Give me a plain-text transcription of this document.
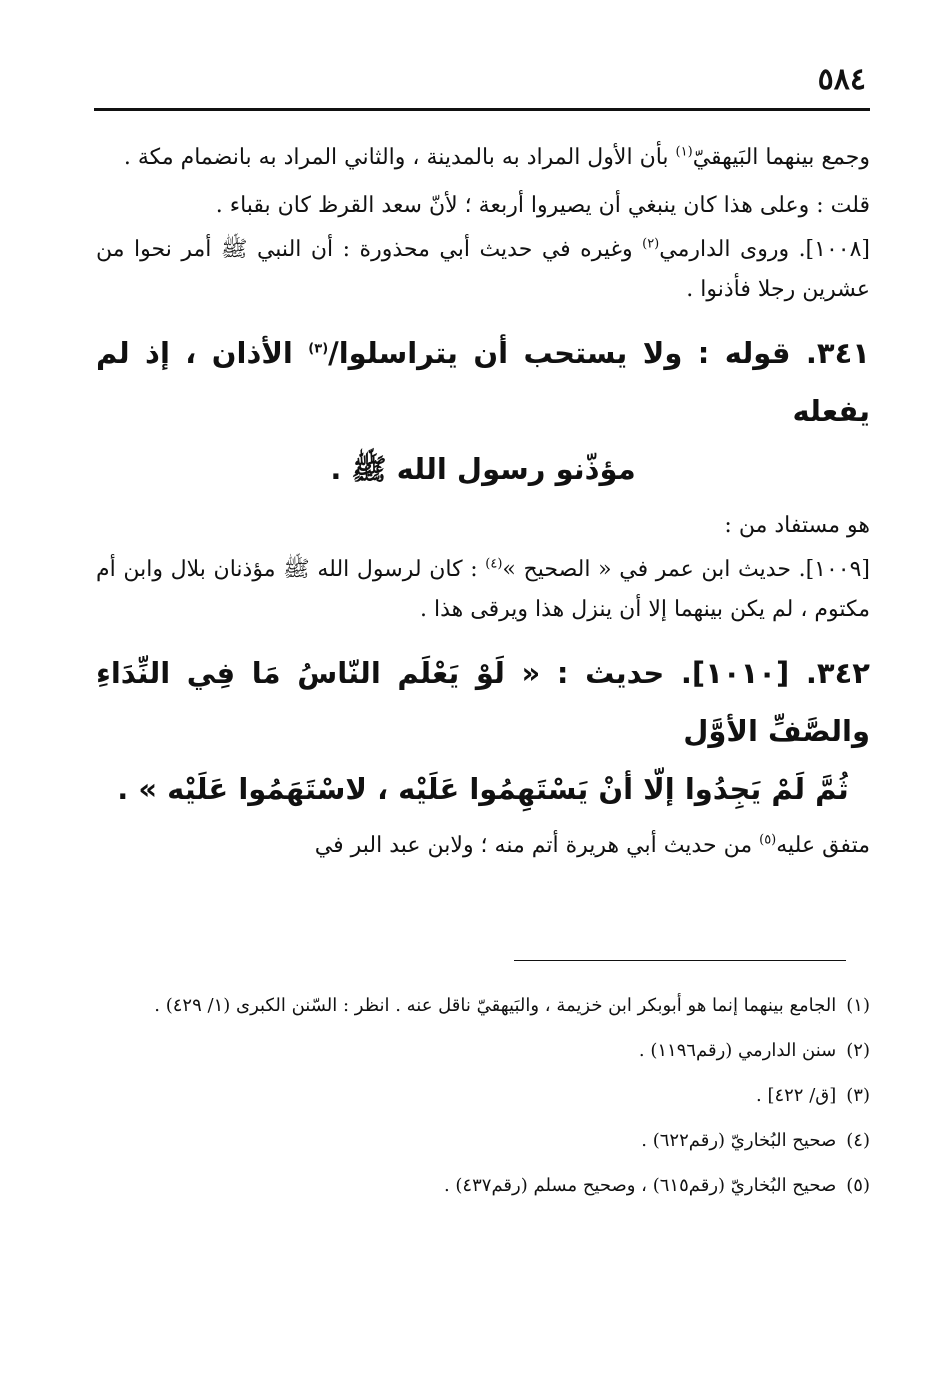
٥٨٤

وجمع بينهما البَيهقيّ$^{(١)}$ بأن الأول المراد به بالمدينة ، والثاني المراد به بانضمام مكة .

قلت : وعلى هذا كان ينبغي أن يصيروا أربعة ؛ لأنّ سعد القرظ كان بقباء .

[١٠٠٨]. وروى الدارمي$^{(٢)}$ وغيره في حديث أبي محذورة : أن النبي ﷺ أمر نحوا من عشرين رجلا فأذنوا .

٣٤١. قوله : ولا يستحب أن يتراسلوا/$^{(٣)}$ الأذان ، إذ لم يفعله
مؤذّنو رسول الله ﷺ .

هو مستفاد من :

[١٠٠٩]. حديث ابن عمر في « الصحيح »$^{(٤)}$ : كان لرسول الله ﷺ مؤذنان بلال وابن أم مكتوم ، لم يكن بينهما إلا أن ينزل هذا ويرقى هذا .

٣٤٢. [١٠١٠]. حديث : « لَوْ يَعْلَم النّاسُ مَا فِي النِّدَاءِ والصَّفِّ الأوَّل
ثُمَّ لَمْ يَجِدُوا إلّا أنْ يَسْتَهِمُوا عَلَيْه ، لاسْتَهَمُوا عَلَيْه » .

متفق عليه$^{(٥)}$ من حديث أبي هريرة أتم منه ؛ ولابن عبد البر في

(١)
الجامع بينهما إنما هو أبوبكر ابن خزيمة ، والبَيهقيّ ناقل عنه . انظر : السّنن الكبرى (١/ ٤٢٩) .
(٢)
سنن الدارمي (رقم١١٩٦) .
(٣)
[ق/ ٤٢٢] .
(٤)
صحيح البُخاريّ (رقم٦٢٢) .
(٥)
صحيح البُخاريّ (رقم٦١٥) ، وصحيح مسلم (رقم٤٣٧) .
